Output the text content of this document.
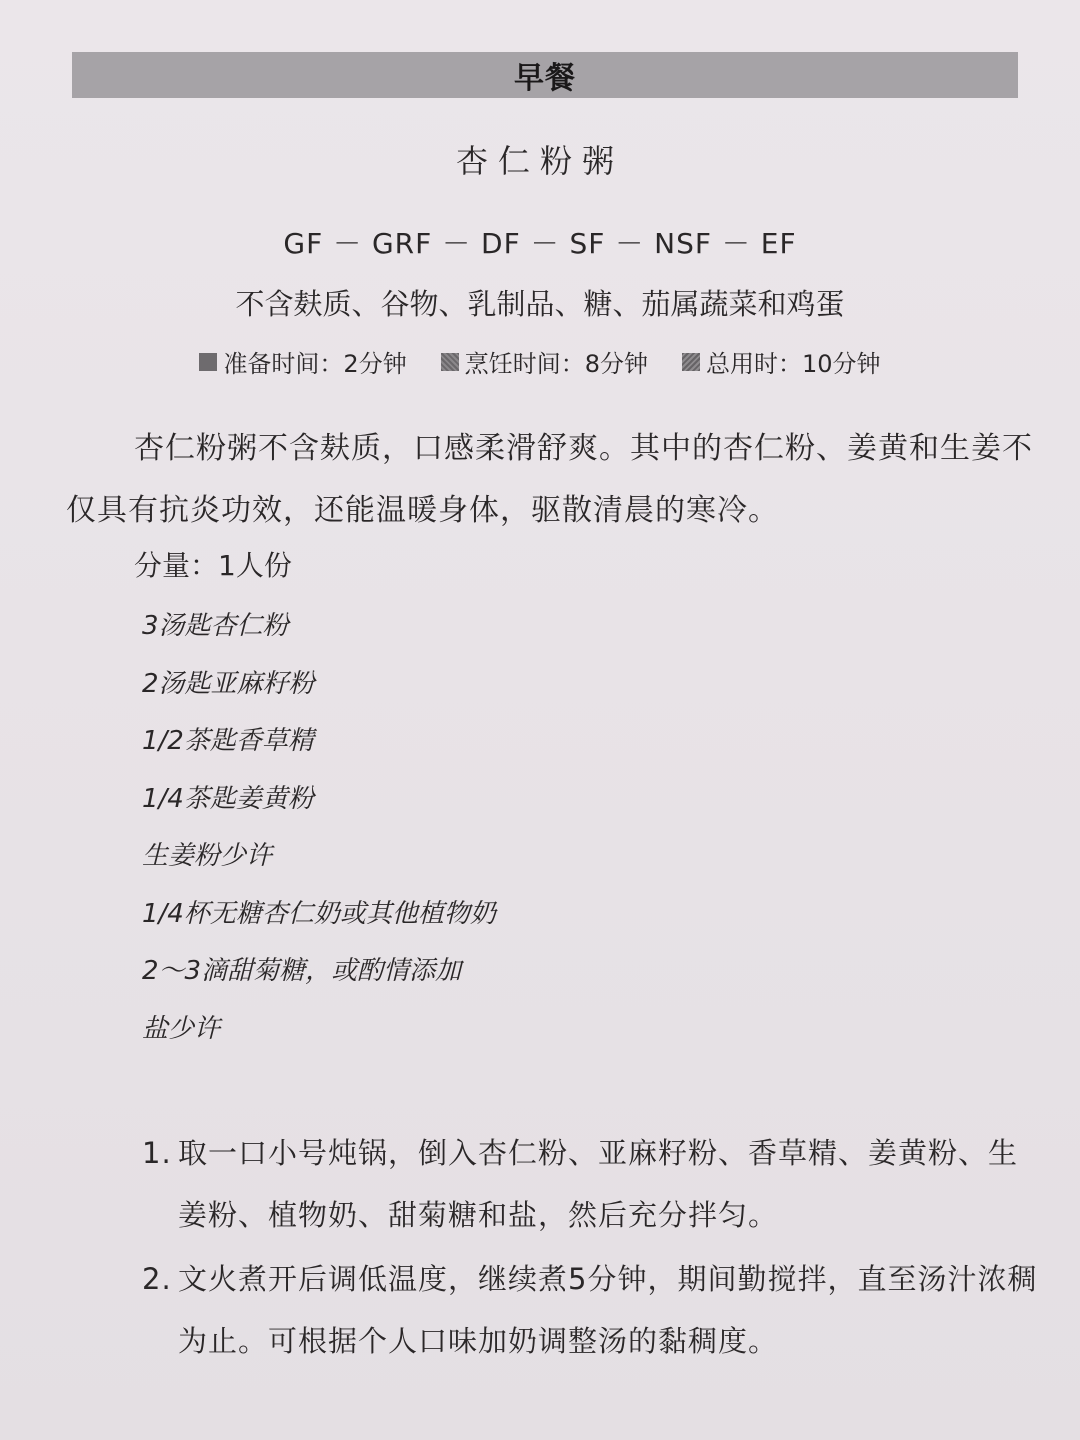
早餐
杏仁粉粥
GF － GRF － DF － SF － NSF － EF
不含麸质、谷物、乳制品、糖、茄属蔬菜和鸡蛋
准备时间：2分钟 烹饪时间：8分钟 总用时：10分钟
杏仁粉粥不含麸质，口感柔滑舒爽。其中的杏仁粉、姜黄和生姜不仅具有抗炎功效，还能温暖身体，驱散清晨的寒冷。
分量：1人份
3汤匙杏仁粉
2汤匙亚麻籽粉
1/2茶匙香草精
1/4茶匙姜黄粉
生姜粉少许
1/4杯无糖杏仁奶或其他植物奶
2～3滴甜菊糖，或酌情添加
盐少许
1. 取一口小号炖锅，倒入杏仁粉、亚麻籽粉、香草精、姜黄粉、生姜粉、植物奶、甜菊糖和盐，然后充分拌匀。
2. 文火煮开后调低温度，继续煮5分钟，期间勤搅拌，直至汤汁浓稠为止。可根据个人口味加奶调整汤的黏稠度。
